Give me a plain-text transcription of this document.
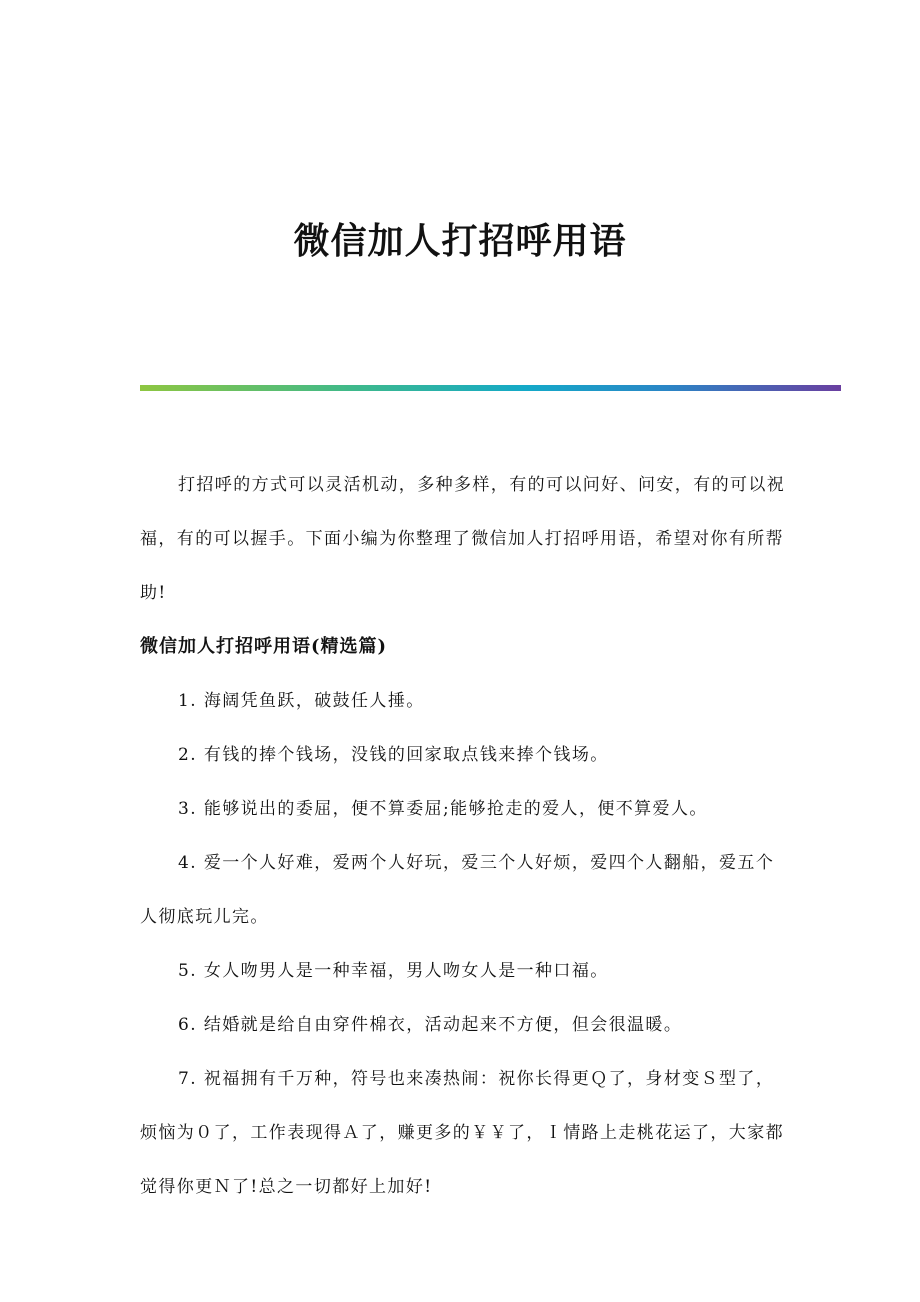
微信加人打招呼用语

打招呼的方式可以灵活机动，多种多样，有的可以问好、问安，有的可以祝福，有的可以握手。下面小编为你整理了微信加人打招呼用语，希望对你有所帮助!

微信加人打招呼用语(精选篇)

1. 海阔凭鱼跃，破鼓任人捶。

2. 有钱的捧个钱场，没钱的回家取点钱来捧个钱场。

3. 能够说出的委屈，便不算委屈;能够抢走的爱人，便不算爱人。

4. 爱一个人好难，爱两个人好玩，爱三个人好烦，爱四个人翻船，爱五个人彻底玩儿完。

5. 女人吻男人是一种幸福，男人吻女人是一种口福。

6. 结婚就是给自由穿件棉衣，活动起来不方便，但会很温暖。

7. 祝福拥有千万种，符号也来凑热闹：祝你长得更Ｑ了，身材变Ｓ型了，烦恼为０了，工作表现得Ａ了，赚更多的￥￥了，Ｉ情路上走桃花运了，大家都觉得你更Ｎ了!总之一切都好上加好!
